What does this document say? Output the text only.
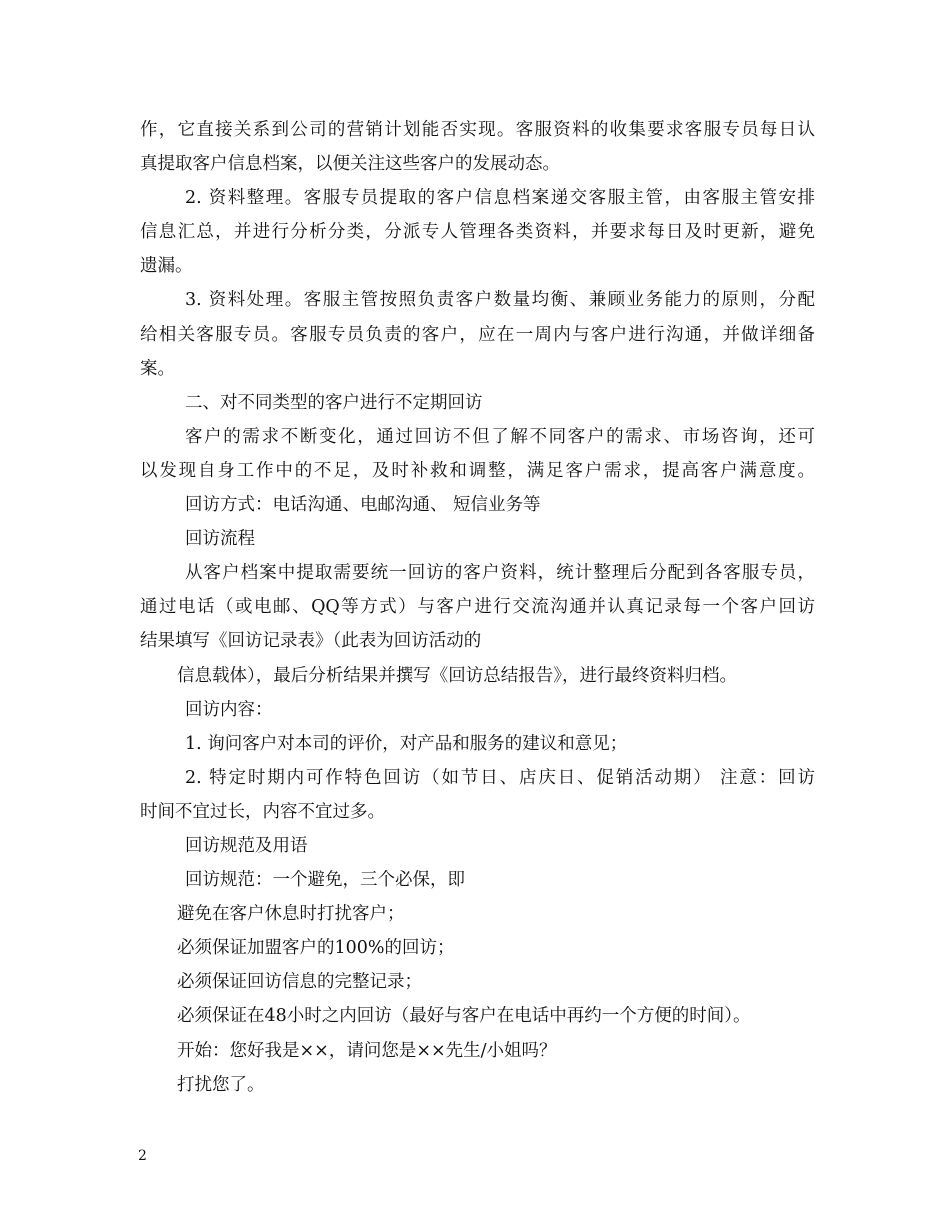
作，它直接关系到公司的营销计划能否实现。客服资料的收集要求客服专员每日认
真提取客户信息档案，以便关注这些客户的发展动态。
2. 资料整理。客服专员提取的客户信息档案递交客服主管，由客服主管安排
信息汇总，并进行分析分类，分派专人管理各类资料，并要求每日及时更新，避免
遗漏。
3. 资料处理。客服主管按照负责客户数量均衡、兼顾业务能力的原则，分配
给相关客服专员。客服专员负责的客户，应在一周内与客户进行沟通，并做详细备
案。
二、对不同类型的客户进行不定期回访
客户的需求不断变化，通过回访不但了解不同客户的需求、市场咨询，还可
以发现自身工作中的不足，及时补救和调整，满足客户需求，提高客户满意度。
回访方式：电话沟通、电邮沟通、 短信业务等
回访流程
从客户档案中提取需要统一回访的客户资料，统计整理后分配到各客服专员，
通过电话（或电邮、QQ等方式）与客户进行交流沟通并认真记录每一个客户回访
结果填写《回访记录表》（此表为回访活动的
信息载体），最后分析结果并撰写《回访总结报告》，进行最终资料归档。
回访内容：
1. 询问客户对本司的评价，对产品和服务的建议和意见；
2. 特定时期内可作特色回访（如节日、店庆日、促销活动期） 注意：回访
时间不宜过长，内容不宜过多。
回访规范及用语
回访规范：一个避免，三个必保，即
避免在客户休息时打扰客户；
必须保证加盟客户的100%的回访；
必须保证回访信息的完整记录；
必须保证在48小时之内回访（最好与客户在电话中再约一个方便的时间）。
开始：您好我是××，请问您是××先生/小姐吗？
打扰您了。
2
